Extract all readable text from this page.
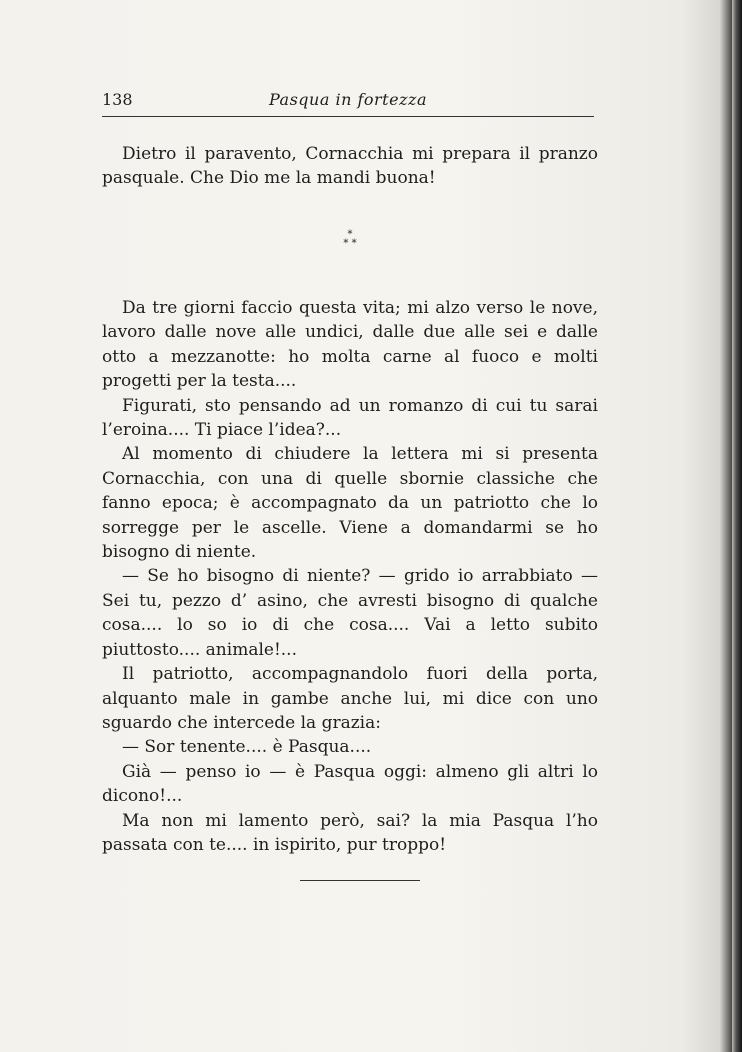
138	Pasqua in fortezza

Dietro il paravento, Cornacchia mi prepara il pranzo pasquale. Che Dio me la mandi buona!

*
* *

Da tre giorni faccio questa vita; mi alzo verso le nove, lavoro dalle nove alle undici, dalle due alle sei e dalle otto a mezzanotte: ho molta carne al fuoco e molti progetti per la testa....

Figurati, sto pensando ad un romanzo di cui tu sarai l’eroina.... Ti piace l’idea?...

Al momento di chiudere la lettera mi si presenta Cornacchia, con una di quelle sbornie classiche che fanno epoca; è accompagnato da un patriotto che lo sorregge per le ascelle. Viene a domandarmi se ho bisogno di niente.

— Se ho bisogno di niente? — grido io arrabbiato — Sei tu, pezzo d’ asino, che avresti bisogno di qualche cosa.... lo so io di che cosa.... Vai a letto subito piuttosto.... animale!...

Il patriotto, accompagnandolo fuori della porta, alquanto male in gambe anche lui, mi dice con uno sguardo che intercede la grazia:

— Sor tenente.... è Pasqua....

Già — penso io — è Pasqua oggi: almeno gli altri lo dicono!...

Ma non mi lamento però, sai? la mia Pasqua l’ho passata con te.... in ispirito, pur troppo!
